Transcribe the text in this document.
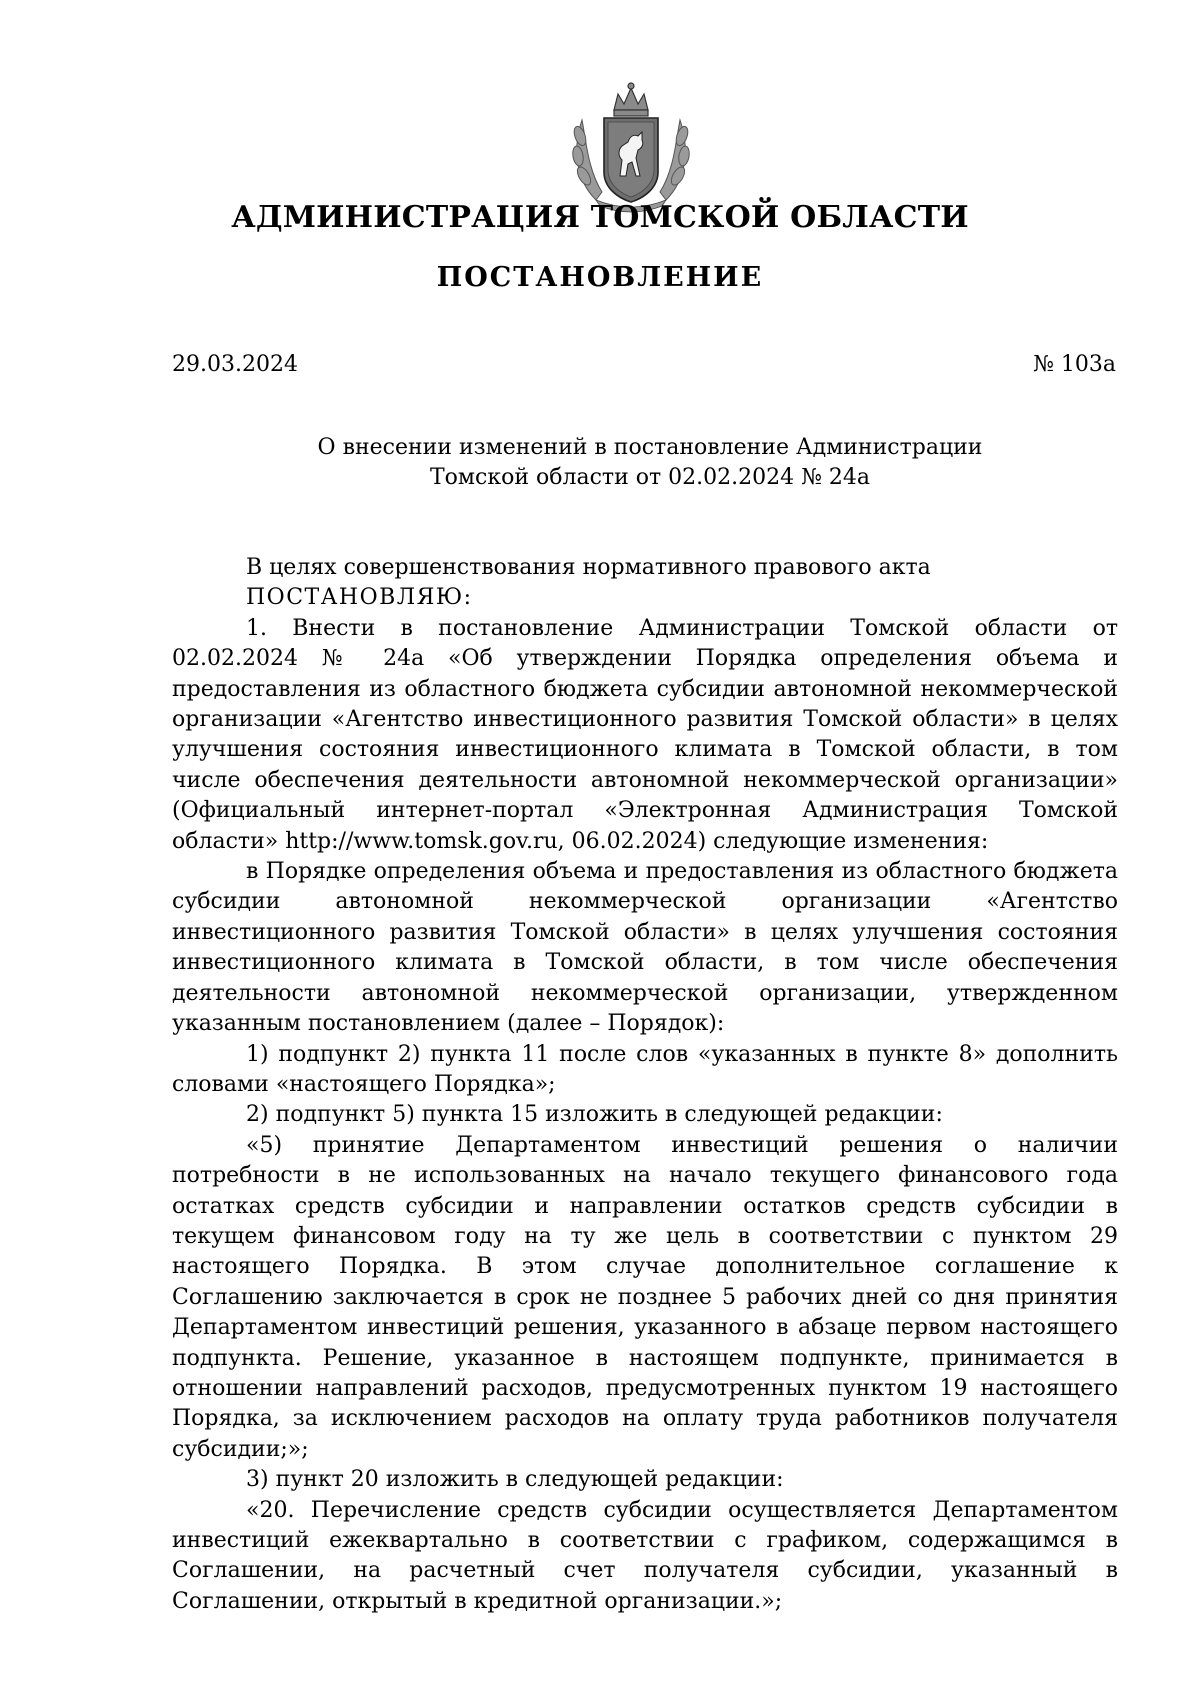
АДМИНИСТРАЦИЯ ТОМСКОЙ ОБЛАСТИ
ПОСТАНОВЛЕНИЕ
29.03.2024	№ 103а
О внесении изменений в постановление Администрации
Томской области от 02.02.2024 № 24а

В целях совершенствования нормативного правового акта

ПОСТАНОВЛЯЮ:

1. Внести в постановление Администрации Томской области от 02.02.2024 № 24а «Об утверждении Порядка определения объема и предоставления из областного бюджета субсидии автономной некоммерческой организации «Агентство инвестиционного развития Томской области» в целях улучшения состояния инвестиционного климата в Томской области, в том числе обеспечения деятельности автономной некоммерческой организации» (Официальный интернет-портал «Электронная Администрация Томской области» http://www.tomsk.gov.ru, 06.02.2024) следующие изменения:

в Порядке определения объема и предоставления из областного бюджета субсидии автономной некоммерческой организации «Агентство инвестиционного развития Томской области» в целях улучшения состояния инвестиционного климата в Томской области, в том числе обеспечения деятельности автономной некоммерческой организации, утвержденном указанным постановлением (далее – Порядок):

1) подпункт 2) пункта 11 после слов «указанных в пункте 8» дополнить словами «настоящего Порядка»;

2) подпункт 5) пункта 15 изложить в следующей редакции:

«5) принятие Департаментом инвестиций решения о наличии потребности в не использованных на начало текущего финансового года остатках средств субсидии и направлении остатков средств субсидии в текущем финансовом году на ту же цель в соответствии с пунктом 29 настоящего Порядка. В этом случае дополнительное соглашение к Соглашению заключается в срок не позднее 5 рабочих дней со дня принятия Департаментом инвестиций решения, указанного в абзаце первом настоящего подпункта. Решение, указанное в настоящем подпункте, принимается в отношении направлений расходов, предусмотренных пунктом 19 настоящего Порядка, за исключением расходов на оплату труда работников получателя субсидии;»;

3) пункт 20 изложить в следующей редакции:

«20. Перечисление средств субсидии осуществляется Департаментом инвестиций ежеквартально в соответствии с графиком, содержащимся в Соглашении, на расчетный счет получателя субсидии, указанный в Соглашении, открытый в кредитной организации.»;
